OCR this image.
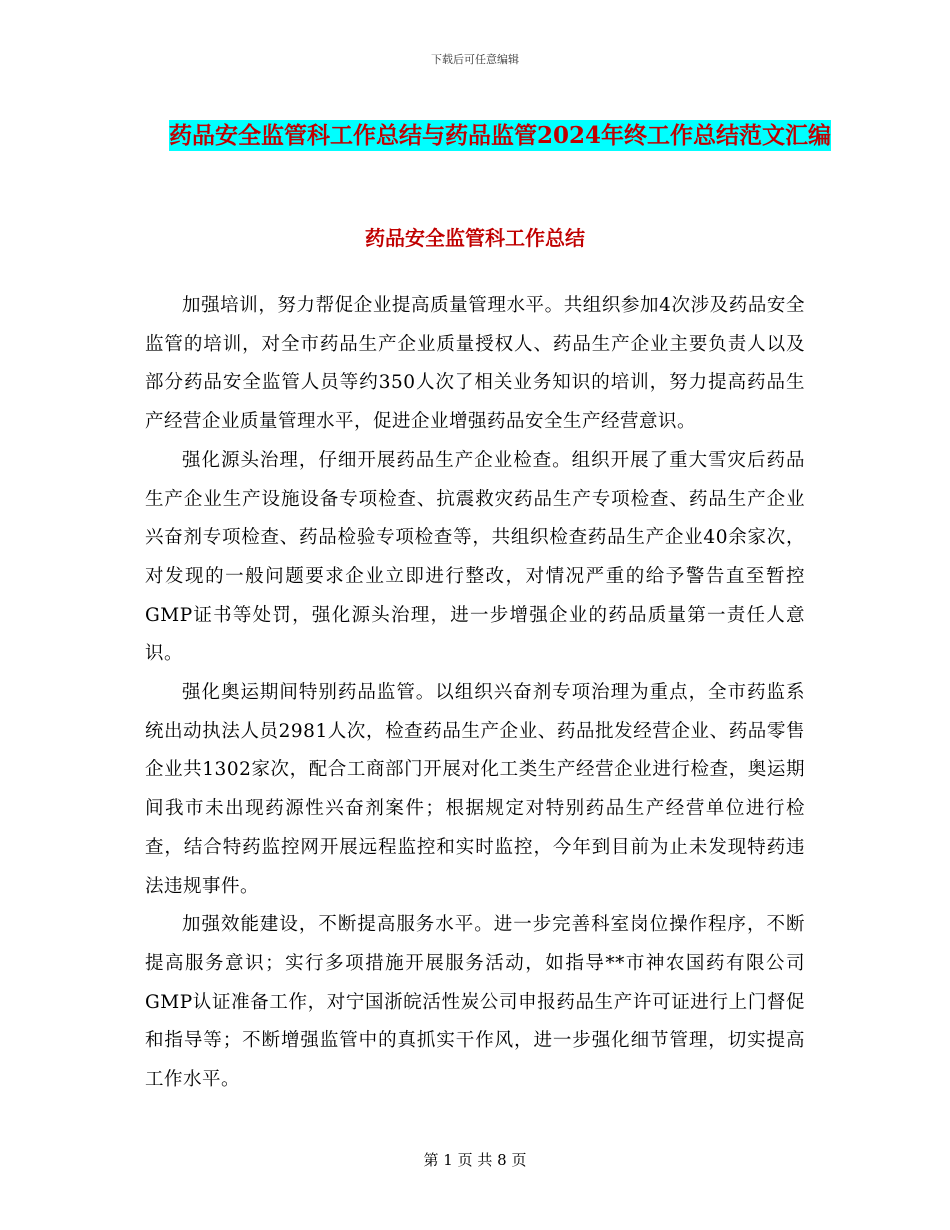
下载后可任意编辑
药品安全监管科工作总结与药品监管2024年终工作总结范文汇编
药品安全监管科工作总结

加强培训，努力帮促企业提高质量管理水平。共组织参加4次涉及药品安全监管的培训，对全市药品生产企业质量授权人、药品生产企业主要负责人以及部分药品安全监管人员等约350人次了相关业务知识的培训，努力提高药品生产经营企业质量管理水平，促进企业增强药品安全生产经营意识。

强化源头治理，仔细开展药品生产企业检查。组织开展了重大雪灾后药品生产企业生产设施设备专项检查、抗震救灾药品生产专项检查、药品生产企业兴奋剂专项检查、药品检验专项检查等，共组织检查药品生产企业40余家次，对发现的一般问题要求企业立即进行整改，对情况严重的给予警告直至暂控GMP证书等处罚，强化源头治理，进一步增强企业的药品质量第一责任人意识。

强化奥运期间特别药品监管。以组织兴奋剂专项治理为重点，全市药监系统出动执法人员2981人次，检查药品生产企业、药品批发经营企业、药品零售企业共1302家次，配合工商部门开展对化工类生产经营企业进行检查，奥运期间我市未出现药源性兴奋剂案件；根据规定对特别药品生产经营单位进行检查，结合特药监控网开展远程监控和实时监控，今年到目前为止未发现特药违法违规事件。

加强效能建设，不断提高服务水平。进一步完善科室岗位操作程序，不断提高服务意识；实行多项措施开展服务活动，如指导**市神农国药有限公司GMP认证准备工作，对宁国浙皖活性炭公司申报药品生产许可证进行上门督促和指导等；不断增强监管中的真抓实干作风，进一步强化细节管理，切实提高工作水平。

第 1 页 共 8 页
